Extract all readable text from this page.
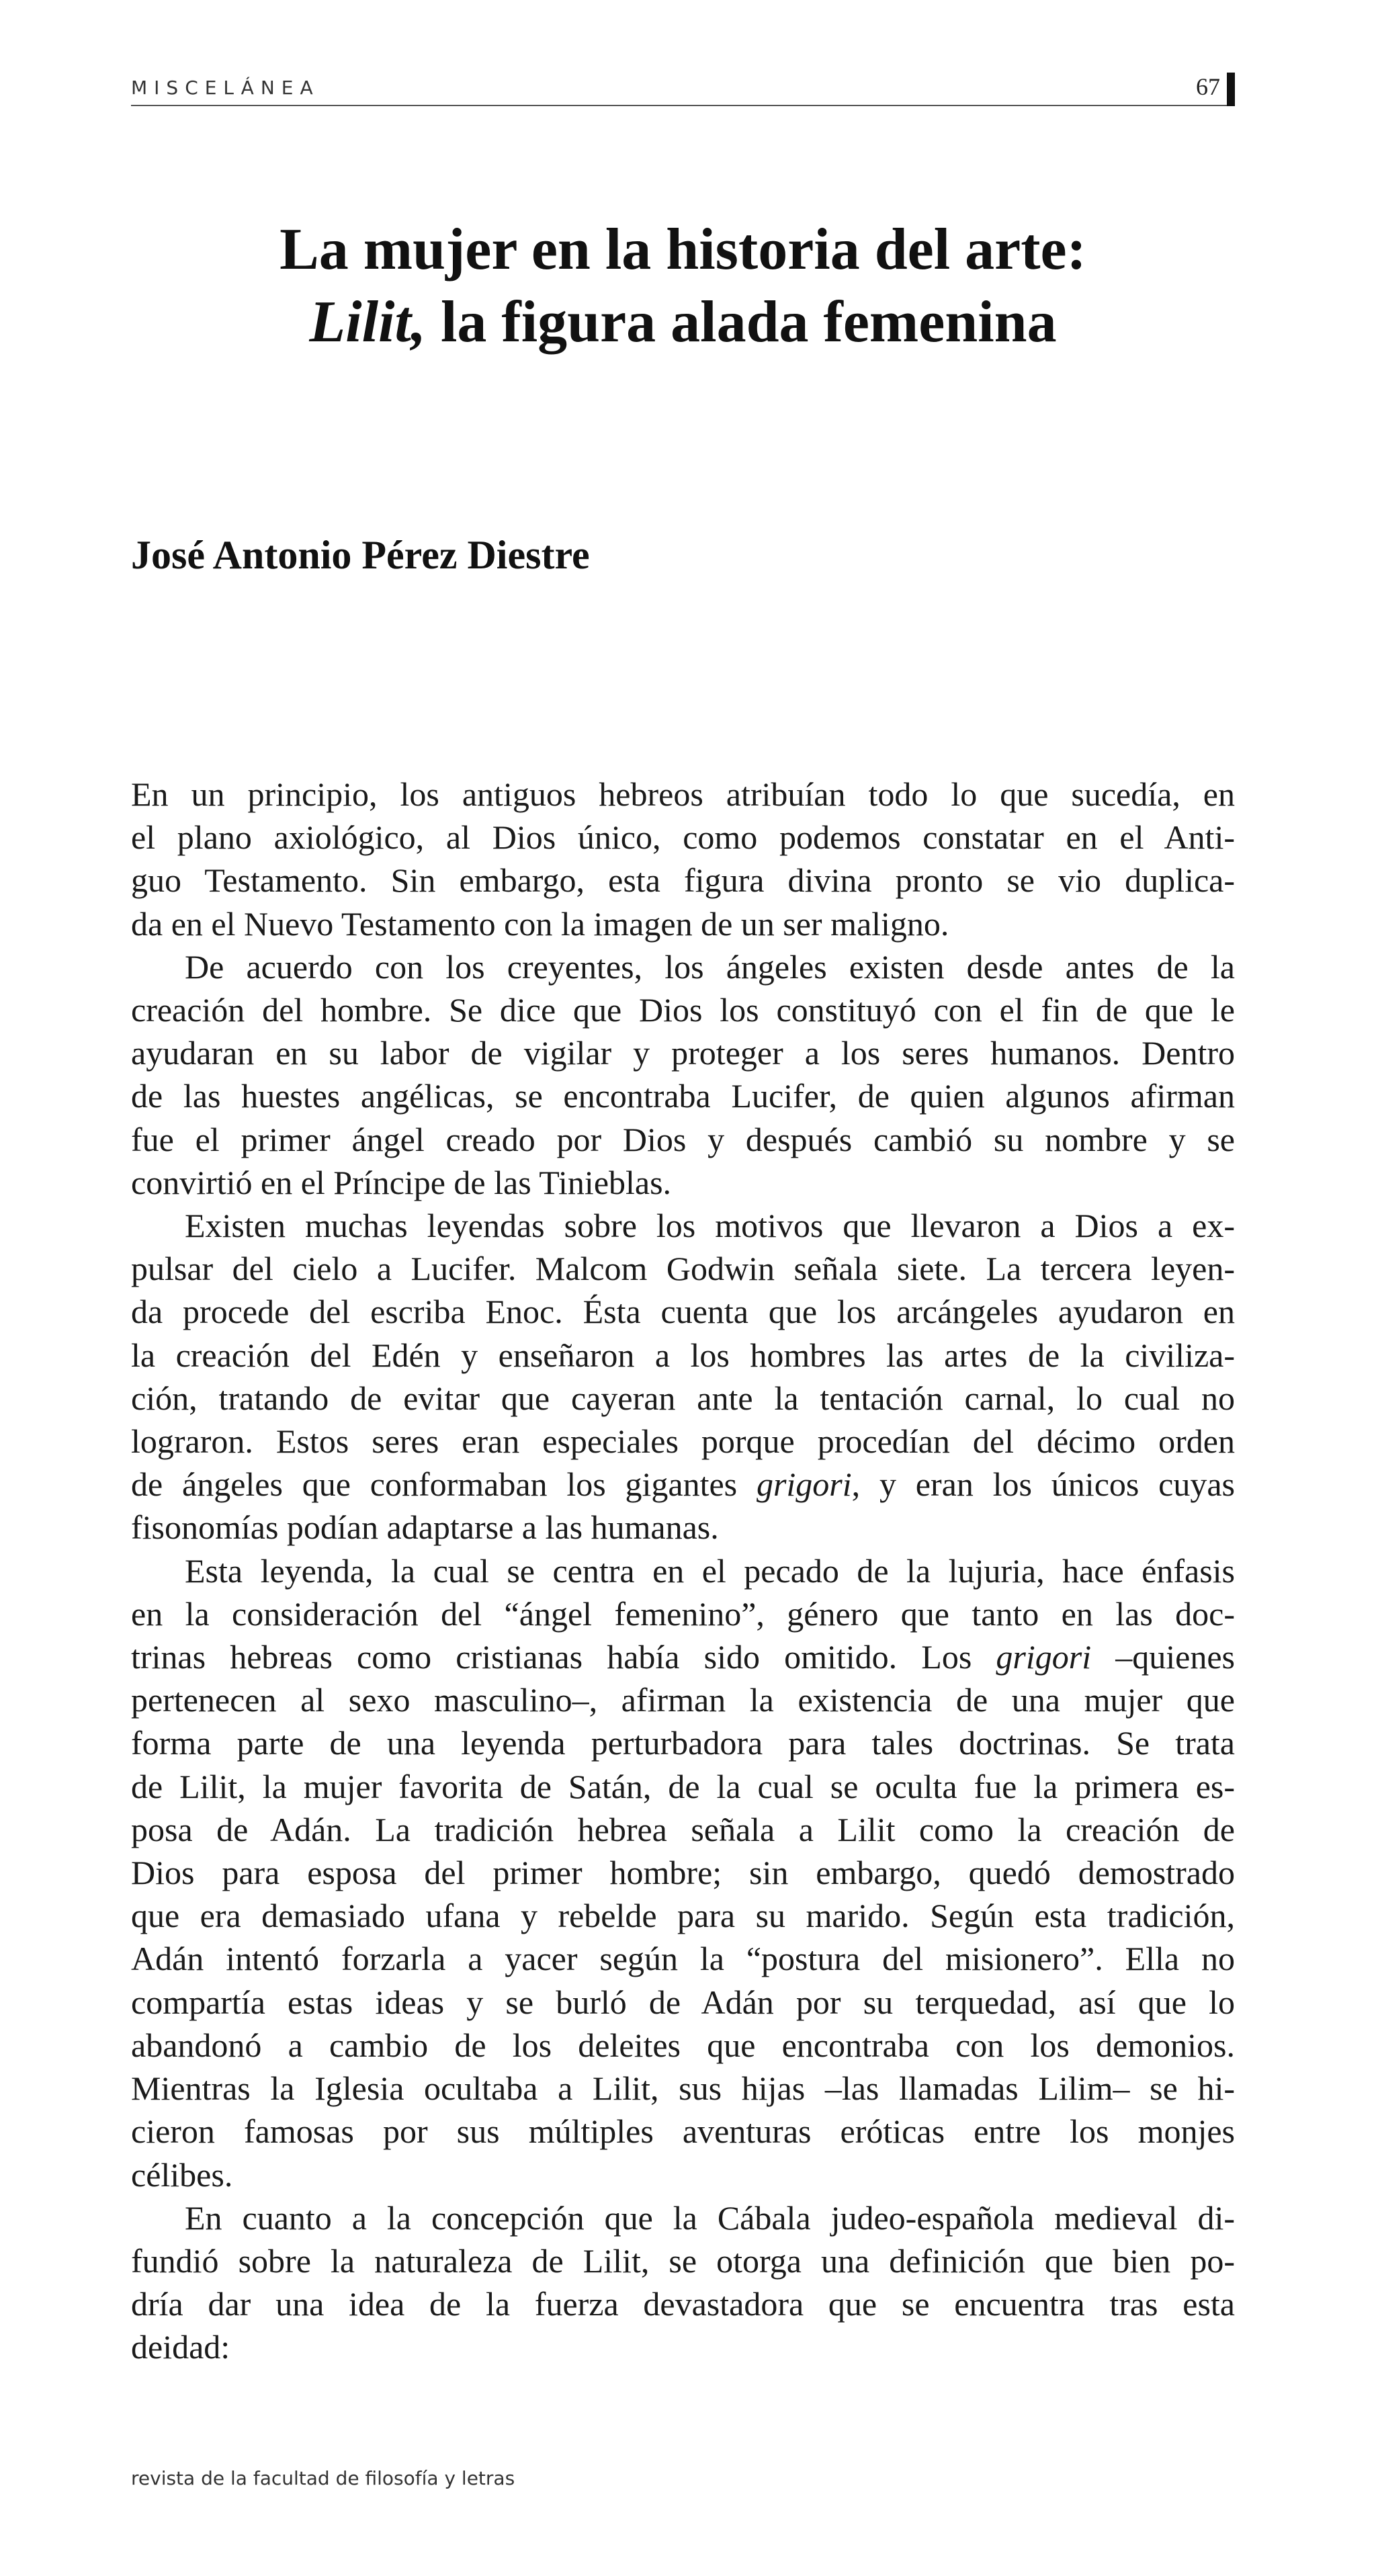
MISCELÁNEA	67
La mujer en la historia del arte:
Lilit, la figura alada femenina
José Antonio Pérez Diestre
En un principio, los antiguos hebreos atribuían todo lo que sucedía, en
el plano axiológico, al Dios único, como podemos constatar en el Anti-
guo Testamento. Sin embargo, esta figura divina pronto se vio duplica-
da en el Nuevo Testamento con la imagen de un ser maligno.
De acuerdo con los creyentes, los ángeles existen desde antes de la
creación del hombre. Se dice que Dios los constituyó con el fin de que le
ayudaran en su labor de vigilar y proteger a los seres humanos. Dentro
de las huestes angélicas, se encontraba Lucifer, de quien algunos afirman
fue el primer ángel creado por Dios y después cambió su nombre y se
convirtió en el Príncipe de las Tinieblas.
Existen muchas leyendas sobre los motivos que llevaron a Dios a ex-
pulsar del cielo a Lucifer. Malcom Godwin señala siete. La tercera leyen-
da procede del escriba Enoc. Ésta cuenta que los arcángeles ayudaron en
la creación del Edén y enseñaron a los hombres las artes de la civiliza-
ción, tratando de evitar que cayeran ante la tentación carnal, lo cual no
lograron. Estos seres eran especiales porque procedían del décimo orden
de ángeles que conformaban los gigantes grigori, y eran los únicos cuyas
fisonomías podían adaptarse a las humanas.
Esta leyenda, la cual se centra en el pecado de la lujuria, hace énfasis
en la consideración del “ángel femenino”, género que tanto en las doc-
trinas hebreas como cristianas había sido omitido. Los grigori –quienes
pertenecen al sexo masculino–, afirman la existencia de una mujer que
forma parte de una leyenda perturbadora para tales doctrinas. Se trata
de Lilit, la mujer favorita de Satán, de la cual se oculta fue la primera es-
posa de Adán. La tradición hebrea señala a Lilit como la creación de
Dios para esposa del primer hombre; sin embargo, quedó demostrado
que era demasiado ufana y rebelde para su marido. Según esta tradición,
Adán intentó forzarla a yacer según la “postura del misionero”. Ella no
compartía estas ideas y se burló de Adán por su terquedad, así que lo
abandonó a cambio de los deleites que encontraba con los demonios.
Mientras la Iglesia ocultaba a Lilit, sus hijas –las llamadas Lilim– se hi-
cieron famosas por sus múltiples aventuras eróticas entre los monjes
célibes.
En cuanto a la concepción que la Cábala judeo-española medieval di-
fundió sobre la naturaleza de Lilit, se otorga una definición que bien po-
dría dar una idea de la fuerza devastadora que se encuentra tras esta
deidad:
revista de la facultad de filosofía y letras
